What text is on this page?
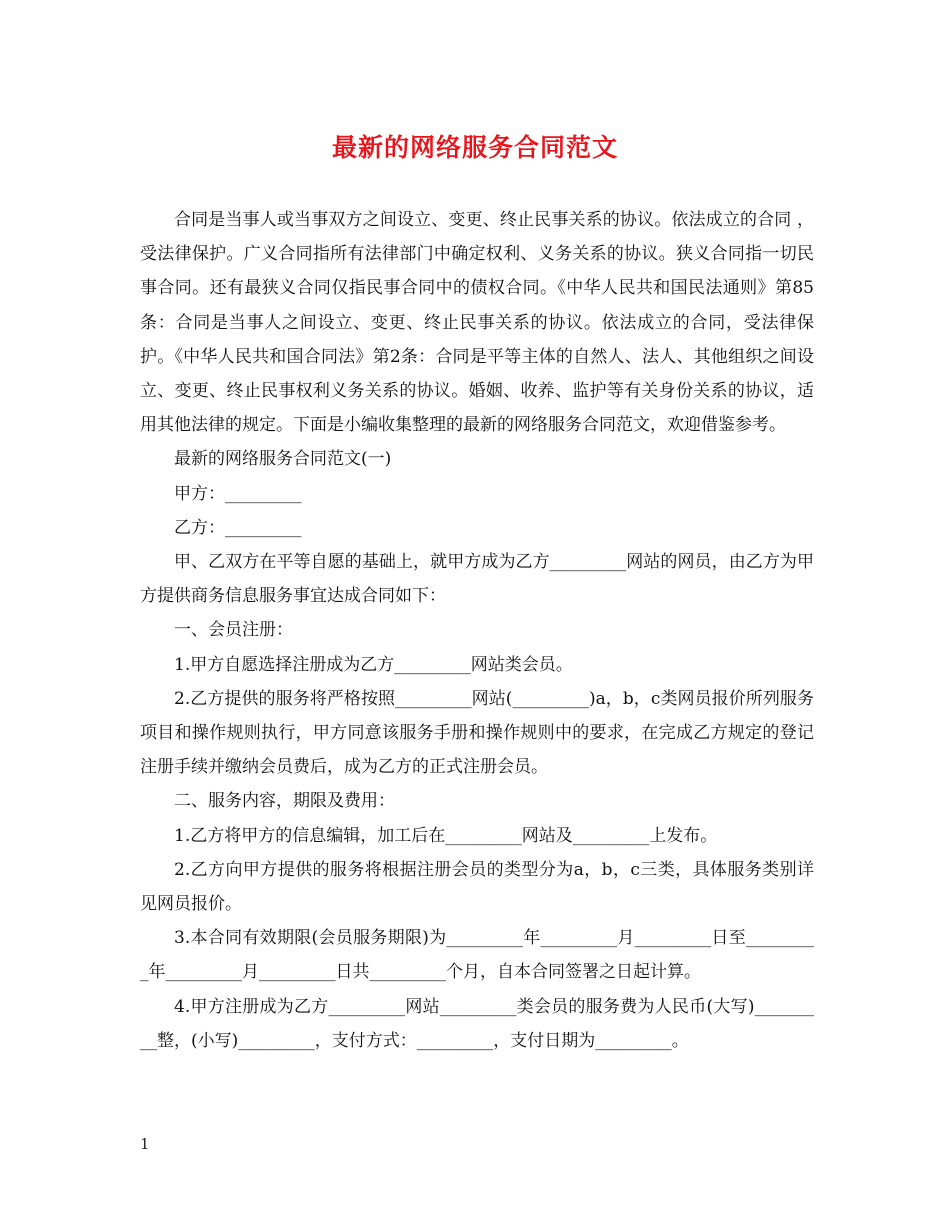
最新的网络服务合同范文

合同是当事人或当事双方之间设立、变更、终止民事关系的协议。依法成立的合同 ，受法律保护。广义合同指所有法律部门中确定权利、义务关系的协议。狭义合同指一切民事合同。还有最狭义合同仅指民事合同中的债权合同。《中华人民共和国民法通则》第85条：合同是当事人之间设立、变更、终止民事关系的协议。依法成立的合同，受法律保护。《中华人民共和国合同法》第2条：合同是平等主体的自然人、法人、其他组织之间设立、变更、终止民事权利义务关系的协议。婚姻、收养、监护等有关身份关系的协议，适用其他法律的规定。下面是小编收集整理的最新的网络服务合同范文，欢迎借鉴参考。

最新的网络服务合同范文(一)

甲方：_________

乙方：_________

甲、乙双方在平等自愿的基础上，就甲方成为乙方_________网站的网员，由乙方为甲方提供商务信息服务事宜达成合同如下：

一、会员注册：

1.甲方自愿选择注册成为乙方_________网站类会员。

2.乙方提供的服务将严格按照_________网站(_________)a，b，c类网员报价所列服务项目和操作规则执行，甲方同意该服务手册和操作规则中的要求，在完成乙方规定的登记注册手续并缴纳会员费后，成为乙方的正式注册会员。

二、服务内容，期限及费用：

1.乙方将甲方的信息编辑，加工后在_________网站及_________上发布。

2.乙方向甲方提供的服务将根据注册会员的类型分为a，b，c三类，具体服务类别详见网员报价。

3.本合同有效期限(会员服务期限)为_________年_________月_________日至_________年_________月_________日共_________个月，自本合同签署之日起计算。

4.甲方注册成为乙方_________网站_________类会员的服务费为人民币(大写)_________整，(小写)_________，支付方式：_________，支付日期为_________。

1
